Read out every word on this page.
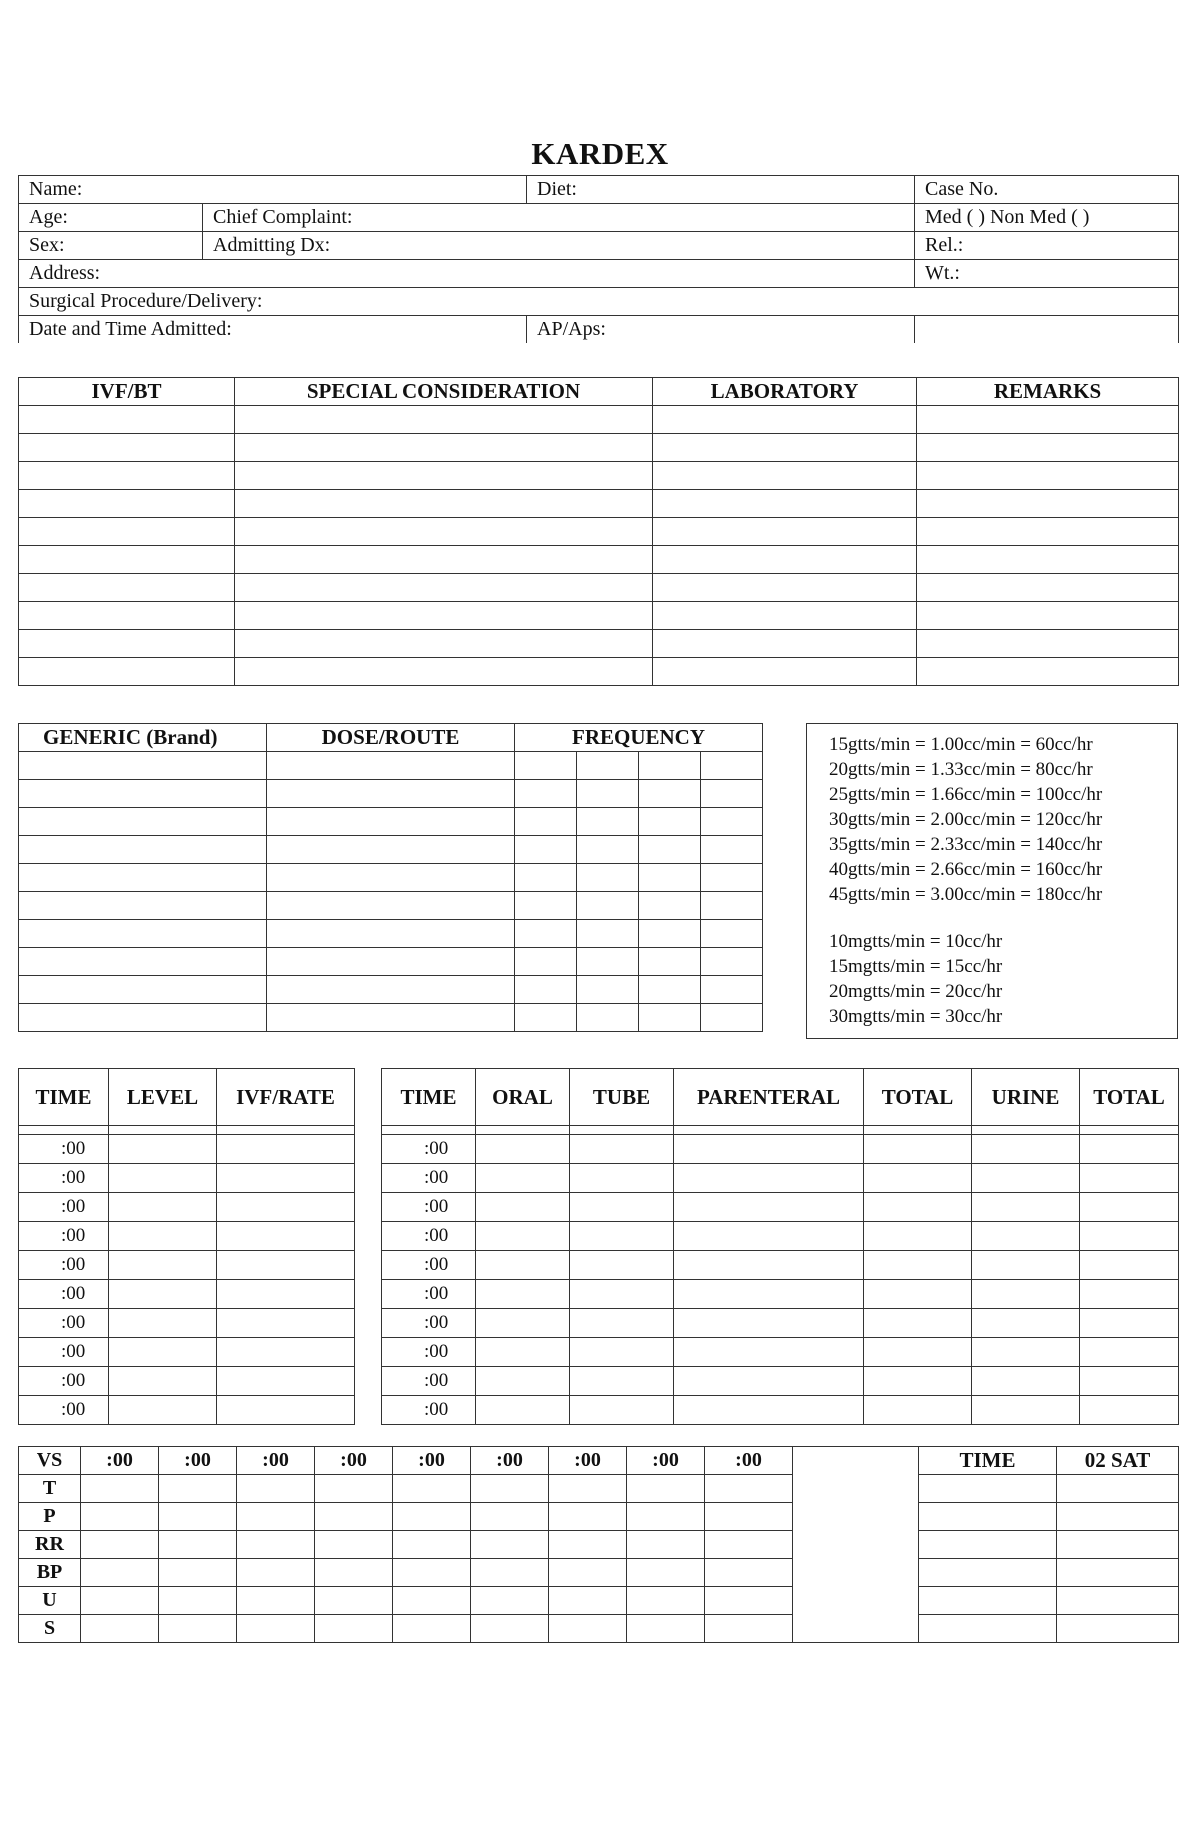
KARDEX
Name:		Diet:	Case No.
Age:	Chief Complaint:		Med ( ) Non Med ( )
Sex:	Admitting Dx:		Rel.:
Address:			Wt.:
Surgical Procedure/Delivery:			
Date and Time Admitted:		AP/Aps:	
IVF/BT	SPECIAL CONSIDERATION	LABORATORY	REMARKS

GENERIC (Brand)	DOSE/ROUTE	FREQUENCY			

						15gtts/min = 1.00cc/min = 60cc/hr
20gtts/min = 1.33cc/min = 80cc/hr
25gtts/min = 1.66cc/min = 100cc/hr
30gtts/min = 2.00cc/min = 120cc/hr
35gtts/min = 2.33cc/min = 140cc/hr
40gtts/min = 2.66cc/min = 160cc/hr
45gtts/min = 3.00cc/min = 180cc/hr
10mgtts/min = 10cc/hr
15mgtts/min = 15cc/hr
20mgtts/min = 20cc/hr
30mgtts/min = 30cc/hr
TIME	LEVEL	IVF/RATE

:00		
:00		
:00		
:00		
:00		
:00		
:00		
:00		
:00		
:00		
TIME	ORAL	TUBE	PARENTERAL	TOTAL	URINE	TOTAL

:00						
:00						
:00						
:00						
:00						
:00						
:00						
:00						
:00						
:00						
VS	:00	:00	:00	:00	:00	:00	:00	:00	:00
T									
P									
RR									
BP									
U									
S									
TIME	02 SAT
